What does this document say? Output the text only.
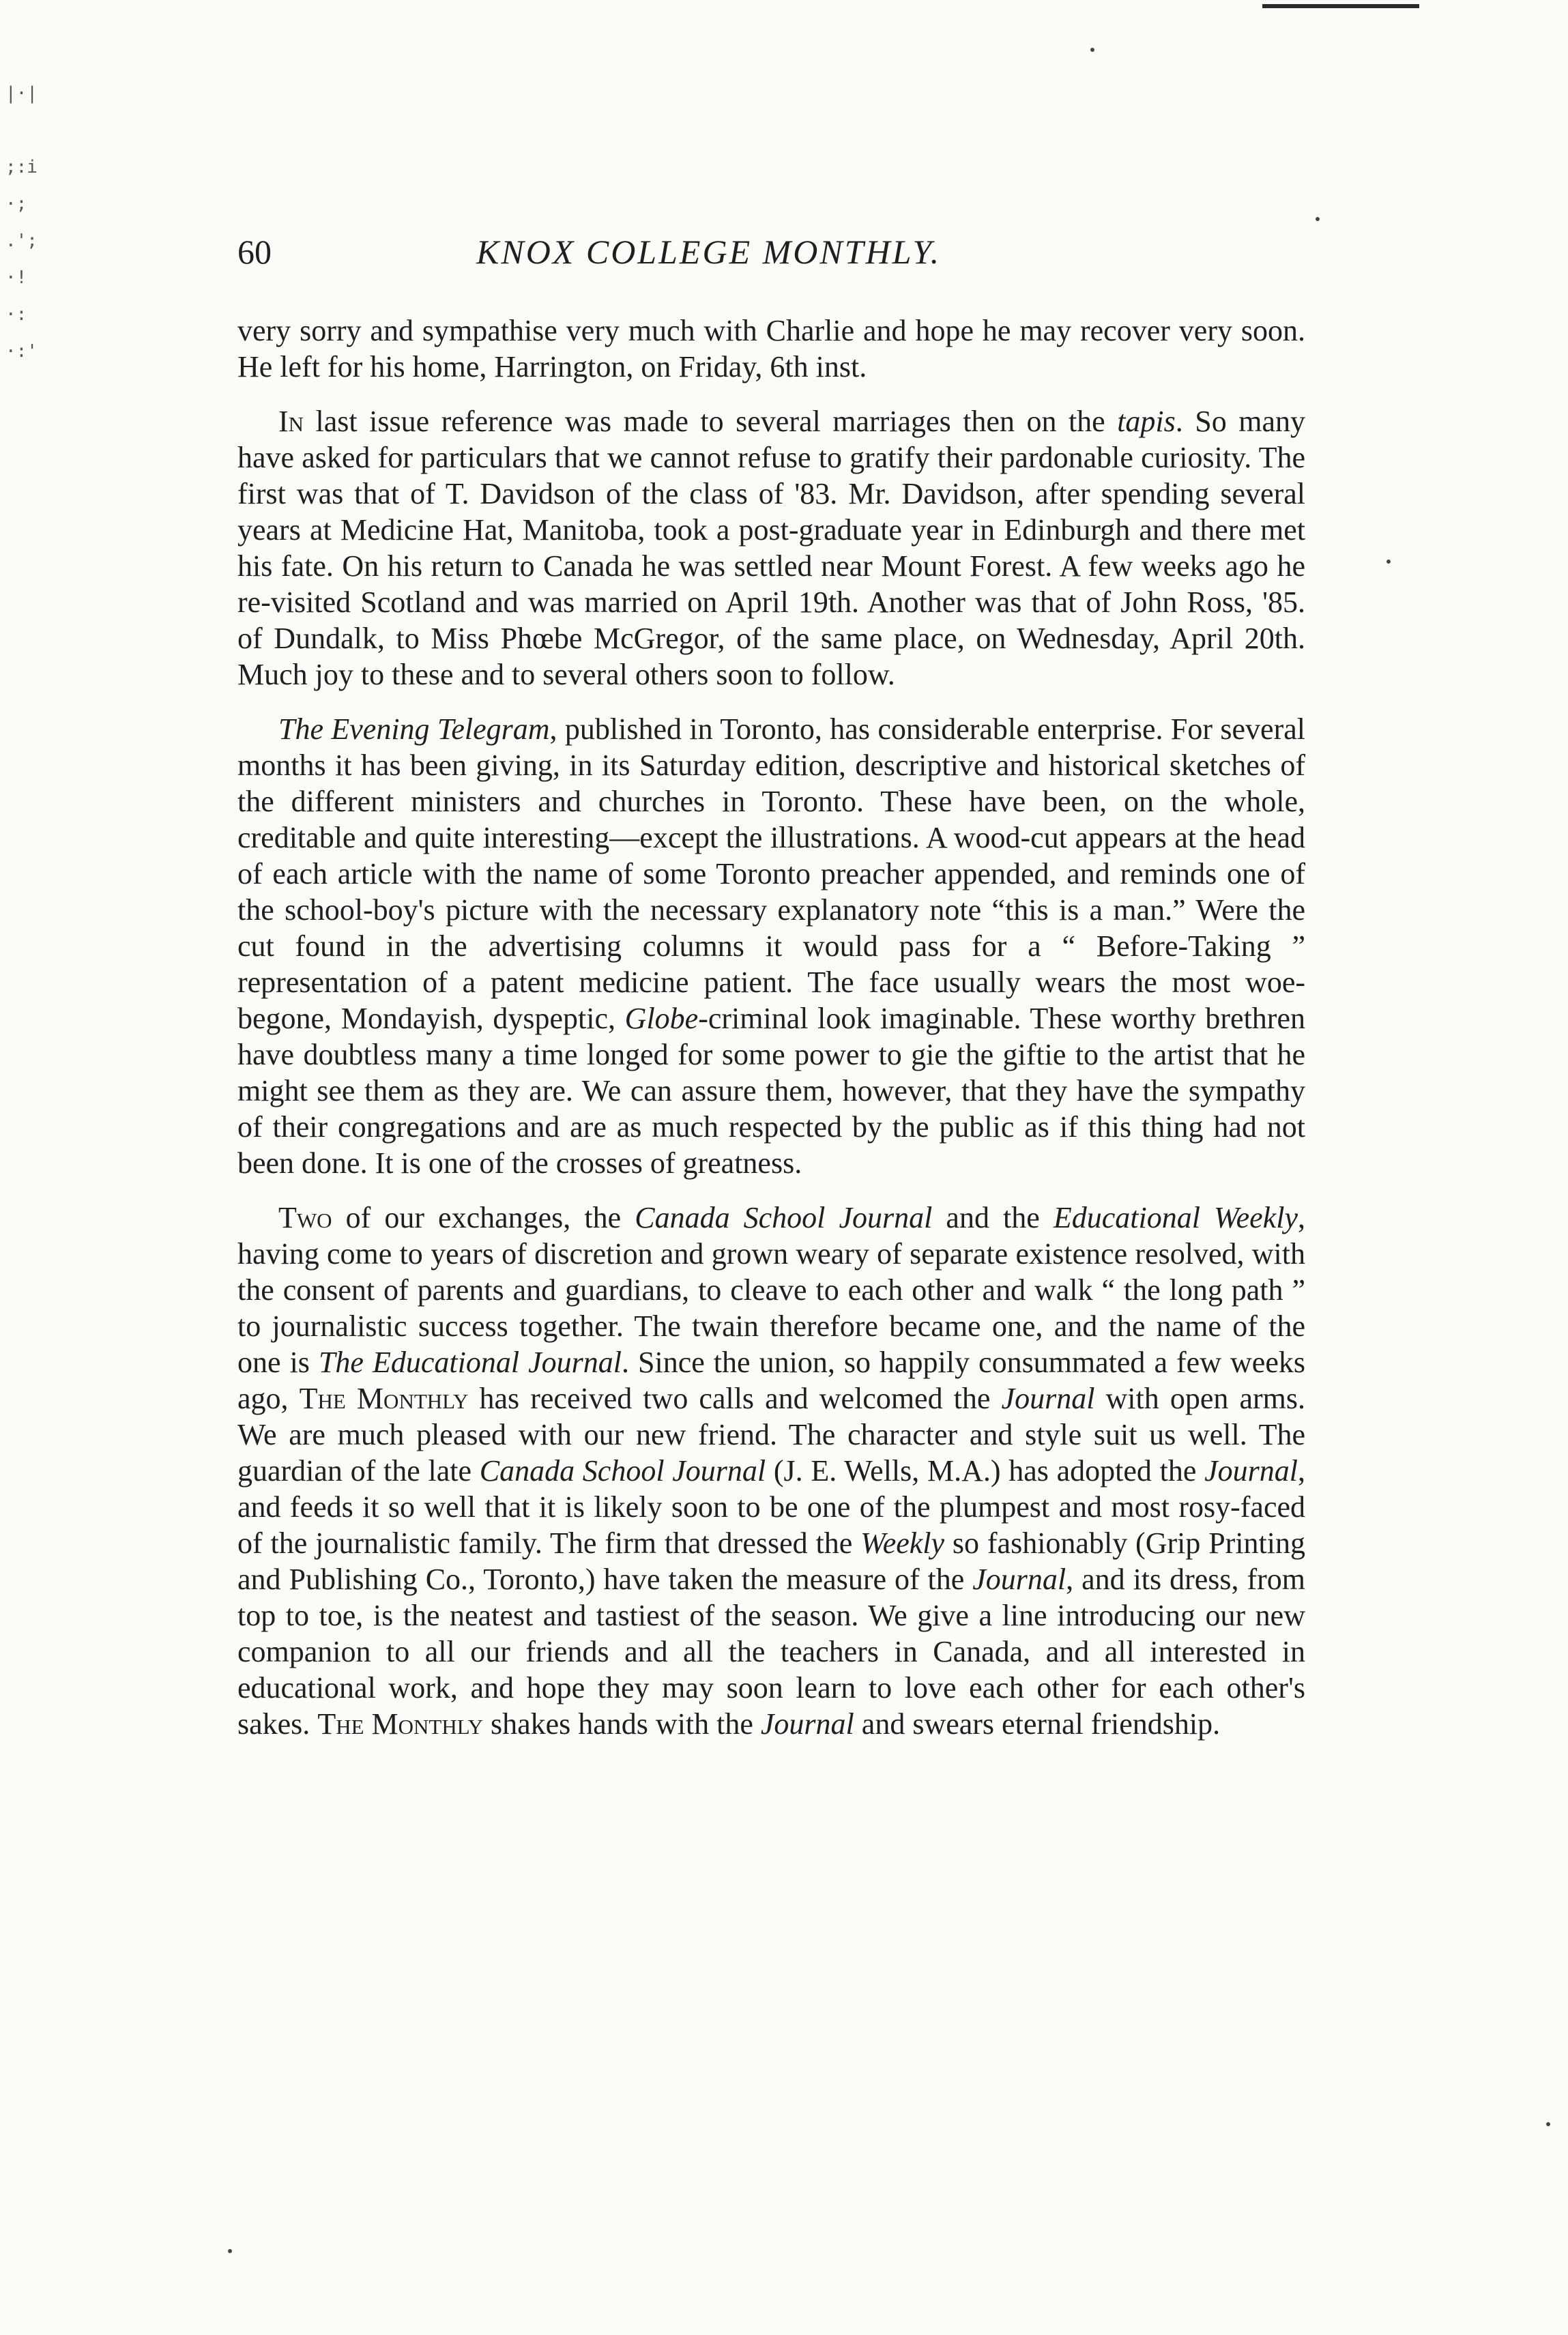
|·|

;:i
·;
.';
·!
·:
·:'
60	KNOX COLLEGE MONTHLY.

very sorry and sympathise very much with Charlie and hope he may recover very soon. He left for his home, Harrington, on Friday, 6th inst.

In last issue reference was made to several marriages then on the tapis. So many have asked for particulars that we cannot refuse to gratify their pardonable curiosity. The first was that of T. Davidson of the class of '83. Mr. Davidson, after spending several years at Medicine Hat, Manitoba, took a post-graduate year in Edinburgh and there met his fate. On his return to Canada he was settled near Mount Forest. A few weeks ago he re-visited Scotland and was married on April 19th. Another was that of John Ross, '85. of Dundalk, to Miss Phœbe McGregor, of the same place, on Wednesday, April 20th. Much joy to these and to several others soon to follow.

The Evening Telegram, published in Toronto, has considerable enterprise. For several months it has been giving, in its Saturday edition, descriptive and historical sketches of the different ministers and churches in Toronto. These have been, on the whole, creditable and quite interesting—except the illustrations. A wood-cut appears at the head of each article with the name of some Toronto preacher appended, and reminds one of the school-boy's picture with the necessary explanatory note “this is a man.” Were the cut found in the advertising columns it would pass for a “ Before-Taking ” representation of a patent medicine patient. The face usually wears the most woe-begone, Mondayish, dyspeptic, Globe-criminal look imaginable. These worthy brethren have doubtless many a time longed for some power to gie the giftie to the artist that he might see them as they are. We can assure them, however, that they have the sympathy of their congregations and are as much respected by the public as if this thing had not been done. It is one of the crosses of greatness.

Two of our exchanges, the Canada School Journal and the Educational Weekly, having come to years of discretion and grown weary of separate existence resolved, with the consent of parents and guardians, to cleave to each other and walk “ the long path ” to journalistic success together. The twain therefore became one, and the name of the one is The Educational Journal. Since the union, so happily consummated a few weeks ago, The Monthly has received two calls and welcomed the Journal with open arms. We are much pleased with our new friend. The character and style suit us well. The guardian of the late Canada School Journal (J. E. Wells, M.A.) has adopted the Journal, and feeds it so well that it is likely soon to be one of the plumpest and most rosy-faced of the journalistic family. The firm that dressed the Weekly so fashionably (Grip Printing and Publishing Co., Toronto,) have taken the measure of the Journal, and its dress, from top to toe, is the neatest and tastiest of the season. We give a line introducing our new companion to all our friends and all the teachers in Canada, and all interested in educational work, and hope they may soon learn to love each other for each other's sakes. The Monthly shakes hands with the Journal and swears eternal friendship.
